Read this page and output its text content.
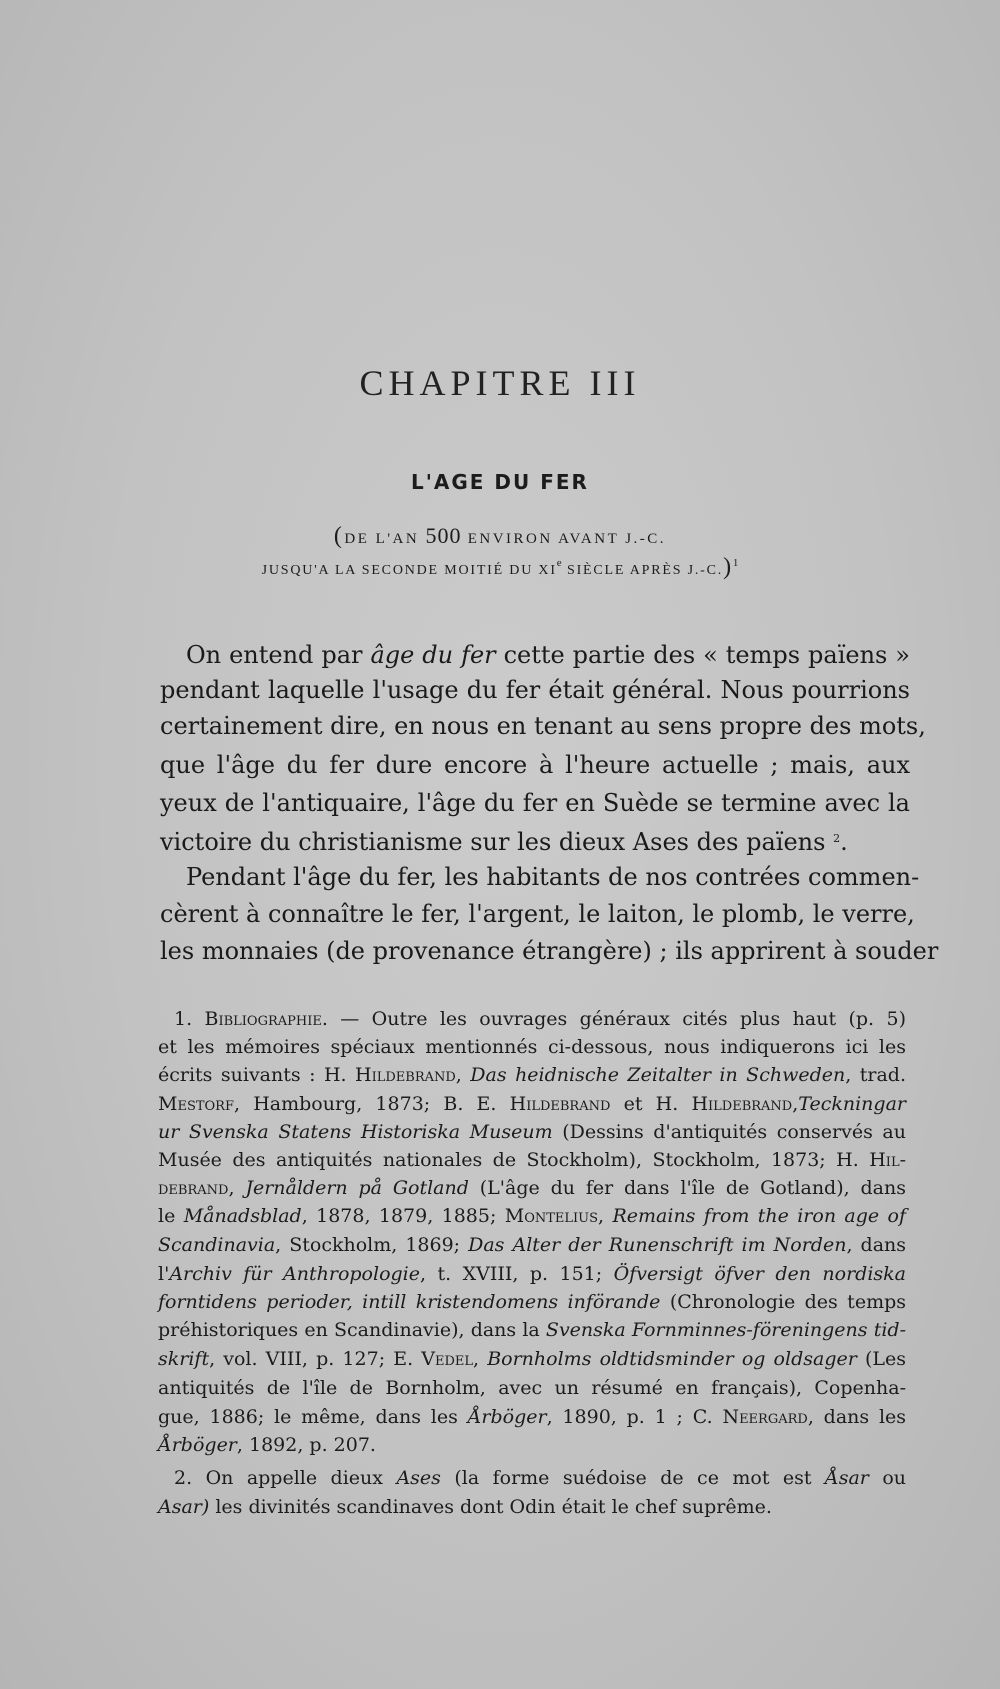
CHAPITRE III
L'AGE DU FER
(DE L'AN 500 ENVIRON AVANT J.-C.
JUSQU'A LA SECONDE MOITIÉ DU XIe SIÈCLE APRÈS J.-C.)$^1$
On entend par âge du fer cette partie des « temps païens »
pendant laquelle l'usage du fer était général. Nous pourrions
certainement dire, en nous en tenant au sens propre des mots,
que l'âge du fer dure encore à l'heure actuelle ; mais, aux
yeux de l'antiquaire, l'âge du fer en Suède se termine avec la
victoire du christianisme sur les dieux Ases des païens $^2$.
Pendant l'âge du fer, les habitants de nos contrées commen-
cèrent à connaître le fer, l'argent, le laiton, le plomb, le verre,
les monnaies (de provenance étrangère) ; ils apprirent à souder
1. Bibliographie. — Outre les ouvrages généraux cités plus haut (p. 5)
et les mémoires spéciaux mentionnés ci-dessous, nous indiquerons ici les
écrits suivants : H. Hildebrand, Das heidnische Zeitalter in Schweden, trad.
Mestorf, Hambourg, 1873; B. E. Hildebrand et H. Hildebrand,Teckningar
ur Svenska Statens Historiska Museum (Dessins d'antiquités conservés au
Musée des antiquités nationales de Stockholm), Stockholm, 1873; H. Hil-
debrand, Jernåldern på Gotland (L'âge du fer dans l'île de Gotland), dans
le Månadsblad, 1878, 1879, 1885; Montelius, Remains from the iron age of
Scandinavia, Stockholm, 1869; Das Alter der Runenschrift im Norden, dans
l'Archiv für Anthropologie, t. XVIII, p. 151; Öfversigt öfver den nordiska
forntidens perioder, intill kristendomens införande (Chronologie des temps
préhistoriques en Scandinavie), dans la Svenska Fornminnes-föreningens tid-
skrift, vol. VIII, p. 127; E. Vedel, Bornholms oldtidsminder og oldsager (Les
antiquités de l'île de Bornholm, avec un résumé en français), Copenha-
gue, 1886; le même, dans les Årböger, 1890, p. 1 ; C. Neergard, dans les
Årböger, 1892, p. 207.
2. On appelle dieux Ases (la forme suédoise de ce mot est Åsar ou
Asar) les divinités scandinaves dont Odin était le chef suprême.
